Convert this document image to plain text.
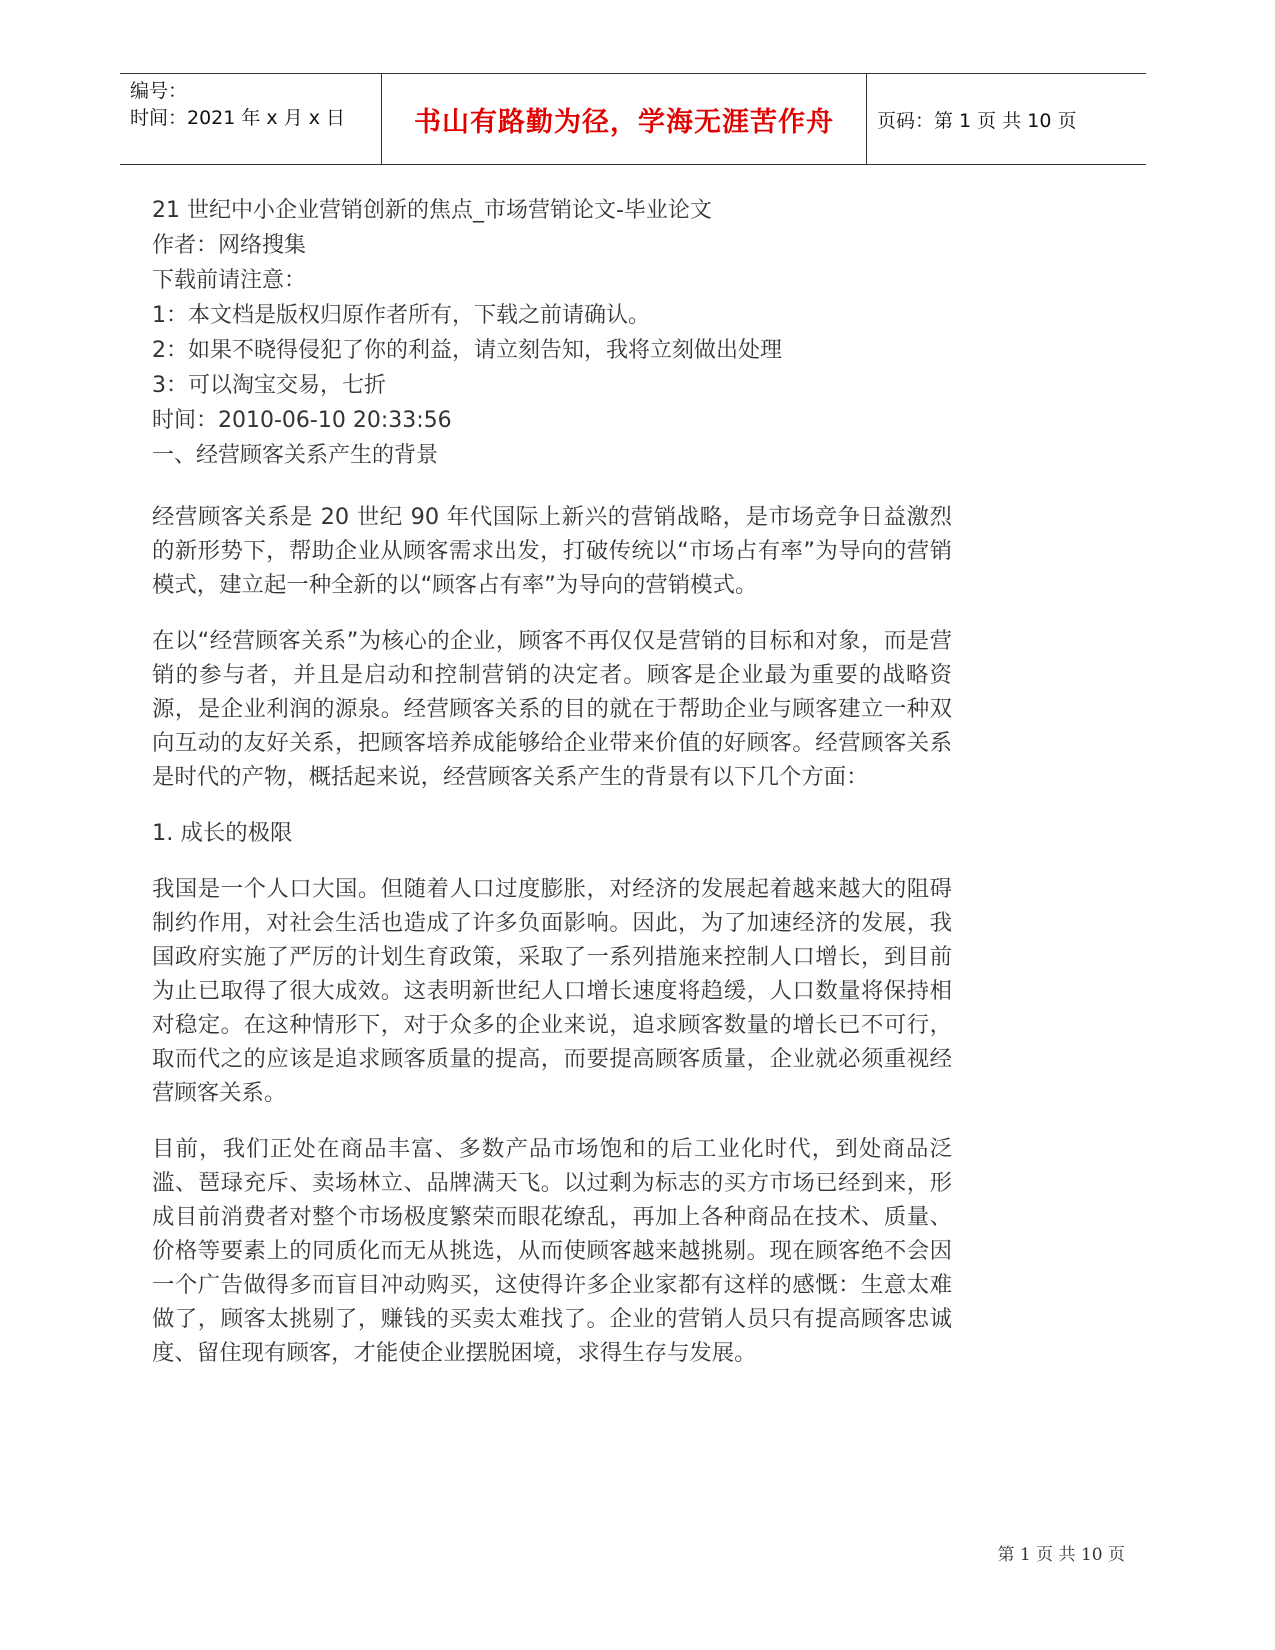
编号：
时间：2021 年 x 月 x 日	书山有路勤为径，学海无涯苦作舟	页码：第 1 页 共 10 页
21 世纪中小企业营销创新的焦点_市场营销论文-毕业论文
作者：网络搜集
下载前请注意：
1：本文档是版权归原作者所有，下载之前请确认。
2：如果不晓得侵犯了你的利益，请立刻告知，我将立刻做出处理
3：可以淘宝交易，七折
时间：2010-06-10 20:33:56
一、经营顾客关系产生的背景

经营顾客关系是 20 世纪 90 年代国际上新兴的营销战略，是市场竞争日益激烈的新形势下，帮助企业从顾客需求出发，打破传统以“市场占有率”为导向的营销模式，建立起一种全新的以“顾客占有率”为导向的营销模式。

在以“经营顾客关系”为核心的企业，顾客不再仅仅是营销的目标和对象，而是营销的参与者，并且是启动和控制营销的决定者。顾客是企业最为重要的战略资源，是企业利润的源泉。经营顾客关系的目的就在于帮助企业与顾客建立一种双向互动的友好关系，把顾客培养成能够给企业带来价值的好顾客。经营顾客关系是时代的产物，概括起来说，经营顾客关系产生的背景有以下几个方面：

1. 成长的极限

我国是一个人口大国。但随着人口过度膨胀，对经济的发展起着越来越大的阻碍制约作用，对社会生活也造成了许多负面影响。因此，为了加速经济的发展，我国政府实施了严厉的计划生育政策，采取了一系列措施来控制人口增长，到目前为止已取得了很大成效。这表明新世纪人口增长速度将趋缓，人口数量将保持相对稳定。在这种情形下，对于众多的企业来说，追求顾客数量的增长已不可行，取而代之的应该是追求顾客质量的提高，而要提高顾客质量，企业就必须重视经营顾客关系。

目前，我们正处在商品丰富、多数产品市场饱和的后工业化时代，到处商品泛滥、琶琭充斥、卖场林立、品牌满天飞。以过剩为标志的买方市场已经到来，形成目前消费者对整个市场极度繁荣而眼花缭乱，再加上各种商品在技术、质量、价格等要素上的同质化而无从挑选，从而使顾客越来越挑剔。现在顾客绝不会因一个广告做得多而盲目冲动购买，这使得许多企业家都有这样的感慨：生意太难做了，顾客太挑剔了，赚钱的买卖太难找了。企业的营销人员只有提高顾客忠诚度、留住现有顾客，才能使企业摆脱困境，求得生存与发展。

第 1 页 共 10 页
